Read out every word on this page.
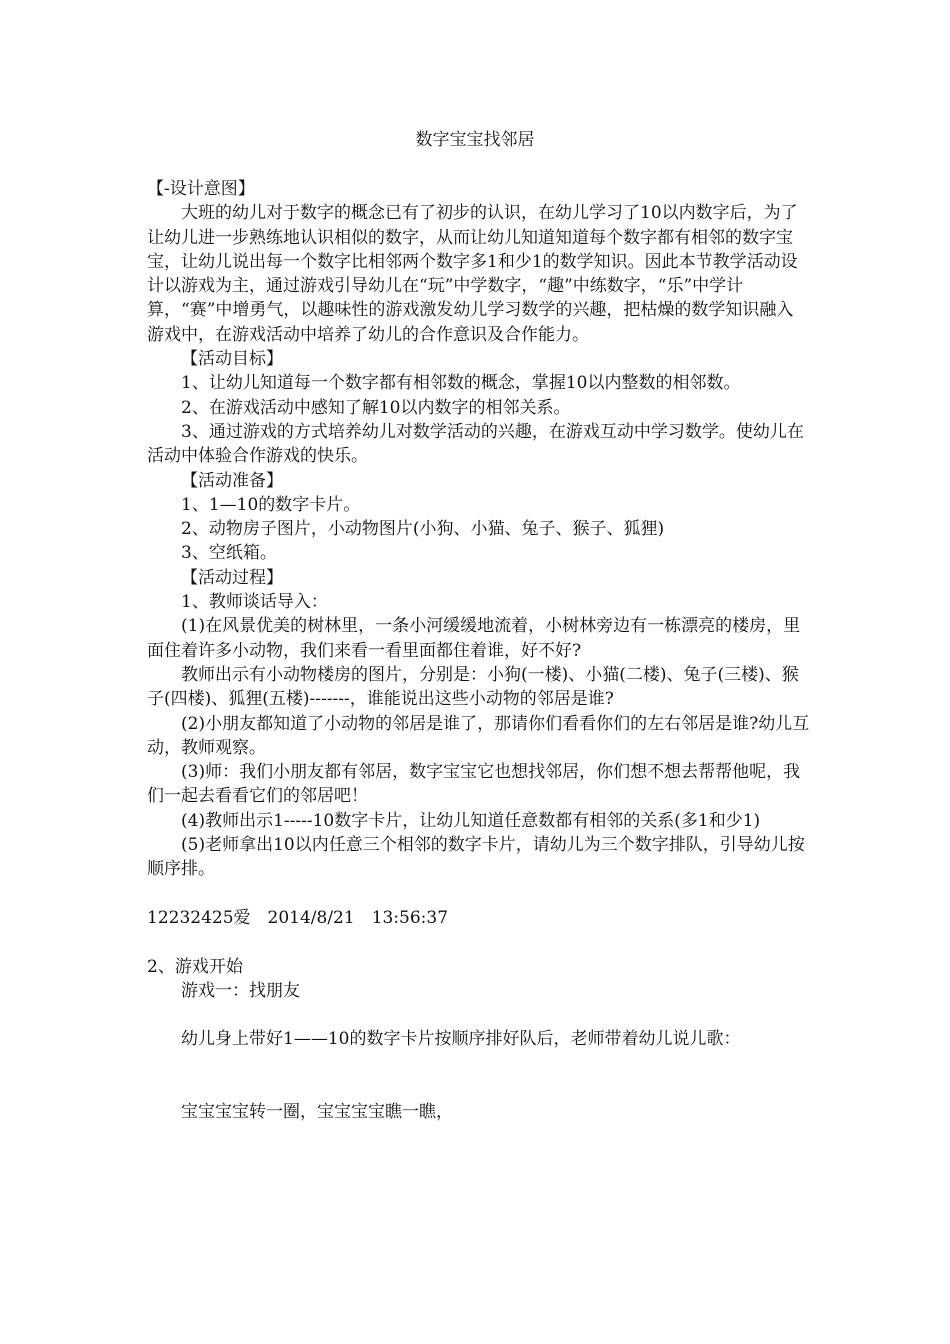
数字宝宝找邻居

【-设计意图】

大班的幼儿对于数字的概念已有了初步的认识，在幼儿学习了10以内数字后，为了让幼儿进一步熟练地认识相似的数字，从而让幼儿知道知道每个数字都有相邻的数字宝宝，让幼儿说出每一个数字比相邻两个数字多1和少1的数学知识。因此本节教学活动设计以游戏为主，通过游戏引导幼儿在“玩”中学数字，“趣”中练数字，“乐”中学计算，“赛”中增勇气，以趣味性的游戏激发幼儿学习数学的兴趣，把枯燥的数学知识融入游戏中，在游戏活动中培养了幼儿的合作意识及合作能力。

【活动目标】

1、让幼儿知道每一个数字都有相邻数的概念，掌握10以内整数的相邻数。

2、在游戏活动中感知了解10以内数字的相邻关系。

3、通过游戏的方式培养幼儿对数学活动的兴趣，在游戏互动中学习数学。使幼儿在活动中体验合作游戏的快乐。

【活动准备】

1、1—10的数字卡片。

2、动物房子图片，小动物图片(小狗、小猫、兔子、猴子、狐狸)

3、空纸箱。

【活动过程】

1、教师谈话导入：

(1)在风景优美的树林里，一条小河缓缓地流着，小树林旁边有一栋漂亮的楼房，里面住着许多小动物，我们来看一看里面都住着谁，好不好?

教师出示有小动物楼房的图片，分别是：小狗(一楼)、小猫(二楼)、兔子(三楼)、猴子(四楼)、狐狸(五楼)-------，谁能说出这些小动物的邻居是谁?

(2)小朋友都知道了小动物的邻居是谁了，那请你们看看你们的左右邻居是谁?幼儿互动，教师观察。

(3)师：我们小朋友都有邻居，数字宝宝它也想找邻居，你们想不想去帮帮他呢，我们一起去看看它们的邻居吧！

(4)教师出示1-----10数字卡片，让幼儿知道任意数都有相邻的关系(多1和少1)

(5)老师拿出10以内任意三个相邻的数字卡片，请幼儿为三个数字排队，引导幼儿按顺序排。

12232425爱　2014/8/21　13:56:37

2、游戏开始

游戏一：找朋友

幼儿身上带好1——10的数字卡片按顺序排好队后，老师带着幼儿说儿歌：

宝宝宝宝转一圈，宝宝宝宝瞧一瞧，
